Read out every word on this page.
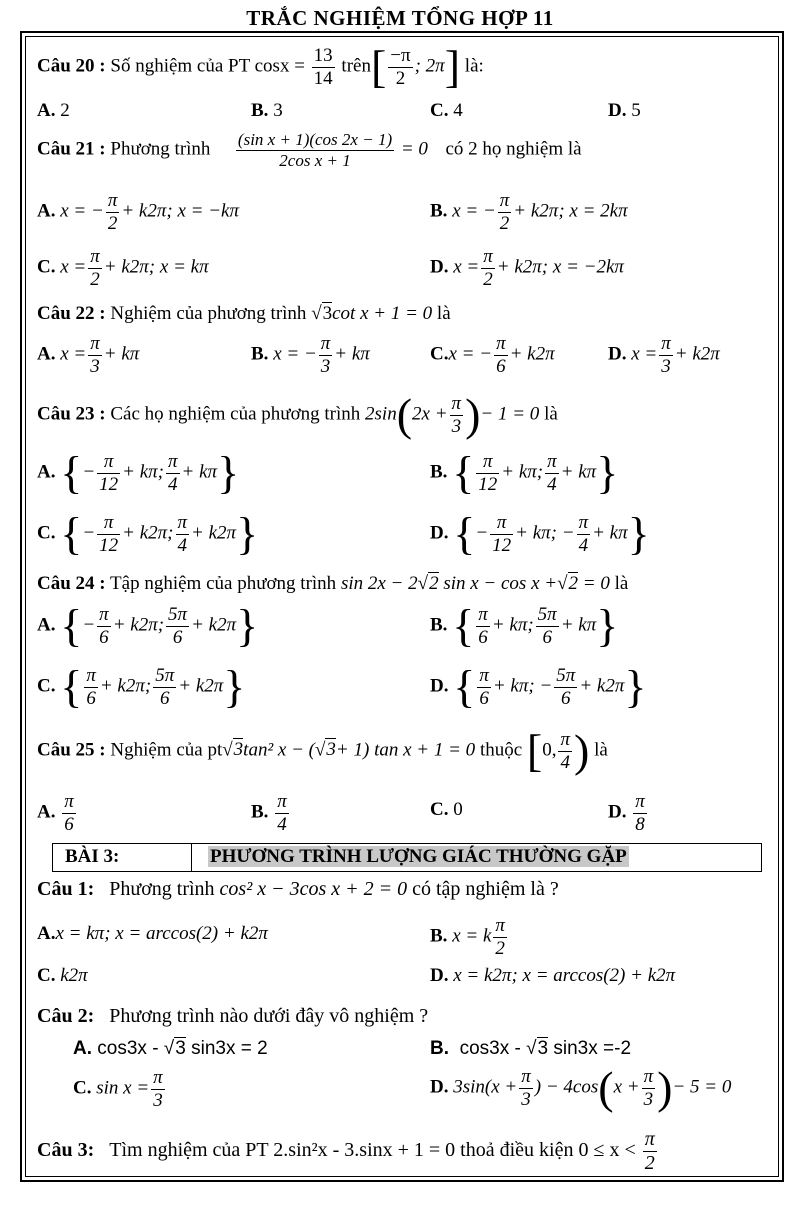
TRẮC NGHIỆM TỔNG HỢP 11
Câu 20 : Số nghiệm của PT $\cos x = \frac{13}{14}$ trên[ $\frac{-\pi}{2}$ ; 2π] là:
A. 2	B. 3	C. 4	D. 5
Câu 21 : Phương trình $\frac{\text{(sin x + 1)(cos 2x − 1)}}{\text{2cos x + 1}} = 0$ có 2 họ nghiệm là
A. x = − $\frac{\pi}{2} + k2\pi$; x = −kπ	B. x = − $\frac{\pi}{2} + k2\pi$; x = 2kπ
C. $x = \frac{\pi}{2} + k2\pi$; x = kπ	D. $x = \frac{\pi}{2} + k2\pi$; x = −2kπ
Câu 22 : Nghiệm của phương trình √3cot x + 1 = 0 là
A. $x = \frac{\pi}{3} + k\pi$	B. x = − $\frac{\pi}{3} + k\pi$	C.x = − $\frac{\pi}{6} + k2\pi$	D. $x = \frac{\pi}{3} + k2\pi$
Câu 23 : Các họ nghiệm của phương trình $2\sin(2x + \frac{\pi}{3}$ )− 1 = 0 là
A. {− $\frac{\pi}{12} + k\pi$; $\frac{\pi}{4} + k\pi$}	B. { $\frac{\pi}{12} + k\pi$; $\frac{\pi}{4} + k\pi$}
C. {− $\frac{\pi}{12} + k2\pi$; $\frac{\pi}{4} + k2\pi$}	D. {− $\frac{\pi}{12} + k\pi$; − $\frac{\pi}{4} + k\pi$}
Câu 24 : Tập nghiệm của phương trình sin 2x − 2√2 sin x − cos x +√2 = 0 là
A. {− $\frac{\pi}{6} + k2\pi$; $\frac{5\pi}{6} + k2\pi$}	B. { $\frac{\pi}{6} + k\pi$; $\frac{5\pi}{6} + k\pi$}
C. { $\frac{\pi}{6} + k2\pi$; $\frac{5\pi}{6} + k2\pi$}	D. { $\frac{\pi}{6} + k\pi$; − $\frac{5\pi}{6} + k2\pi$}
Câu 25 : Nghiệm của pt√3tan² x − (√3+ 1) tan x + 1 = 0 thuộc [0, $\frac{\pi}{4}$ ) là
A. $\frac{\pi}{6}$	B. $\frac{\pi}{4}$	C. 0	D. $\frac{\pi}{8}$
BÀI 3:	PHƯƠNG TRÌNH LƯỢNG GIÁC THƯỜNG GẶP
Câu 1: Phương trình cos² x − 3cos x + 2 = 0 có tập nghiệm là ?
A.x = kπ; x = arccos(2) + k2π	B. x = k $\frac{\pi}{2}$
C. k2π	D. x = k2π; x = arccos(2) + k2π
Câu 2: Phương trình nào dưới đây vô nghiệm ?
A. cos3x - √3 sin3x = 2	B. cos3x - √3 sin3x =-2
C. $\sin x = \frac{\pi}{3}$	D. $3\sin(x + \frac{\pi}{3}$ ) − $4\cos(x + \frac{\pi}{3}$ )− 5 = 0
Câu 3: Tìm nghiệm của PT 2.sin²x - 3.sinx + 1 = 0 thoả điều kiện $0 \le x < \frac{\pi}{2}$
